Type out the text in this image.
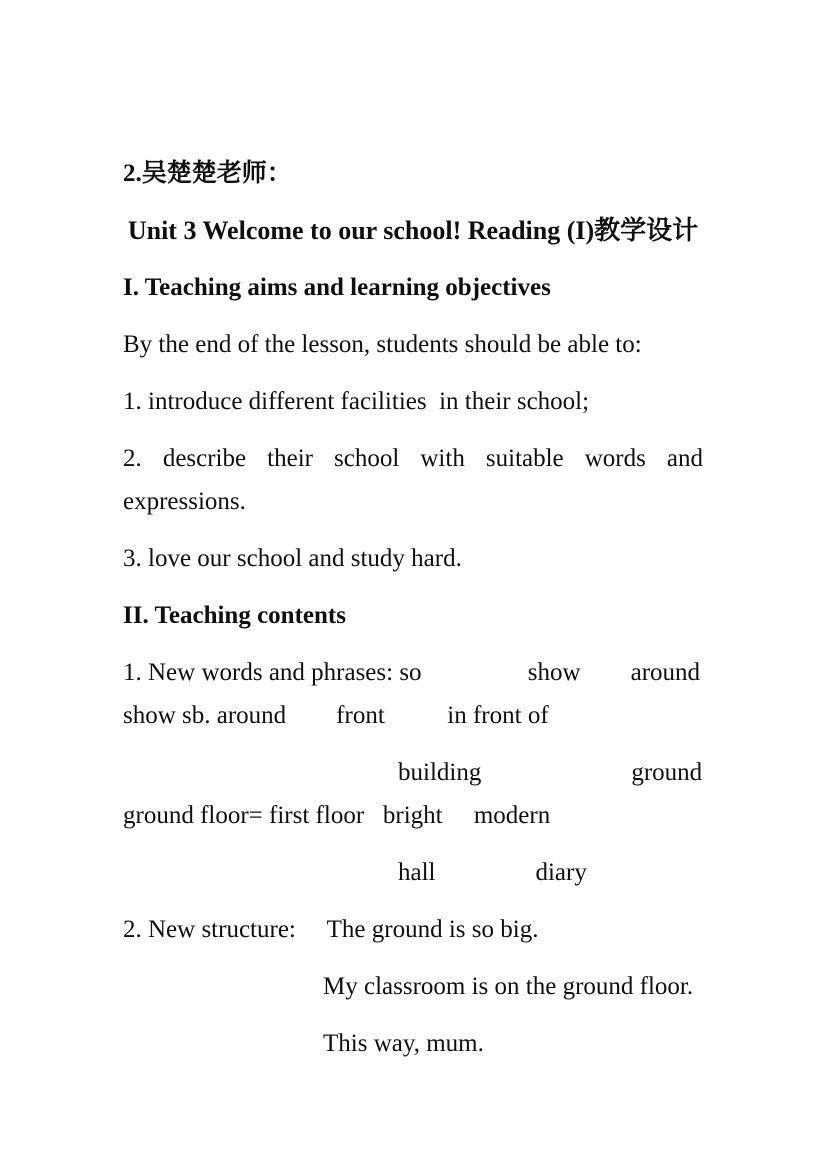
2.吴楚楚老师：
Unit 3 Welcome to our school! Reading (I)教学设计
I. Teaching aims and learning objectives
By the end of the lesson, students should be able to:
1. introduce different facilities  in their school;
2. describe their school with suitable words and
expressions.
3. love our school and study hard.
II. Teaching contents
1. New words and phrases: so                 show        around
show sb. around        front          in front of
building                        ground
ground floor= first floor   bright     modern
hall                diary
2. New structure:     The ground is so big.
My classroom is on the ground floor.
This way, mum.
